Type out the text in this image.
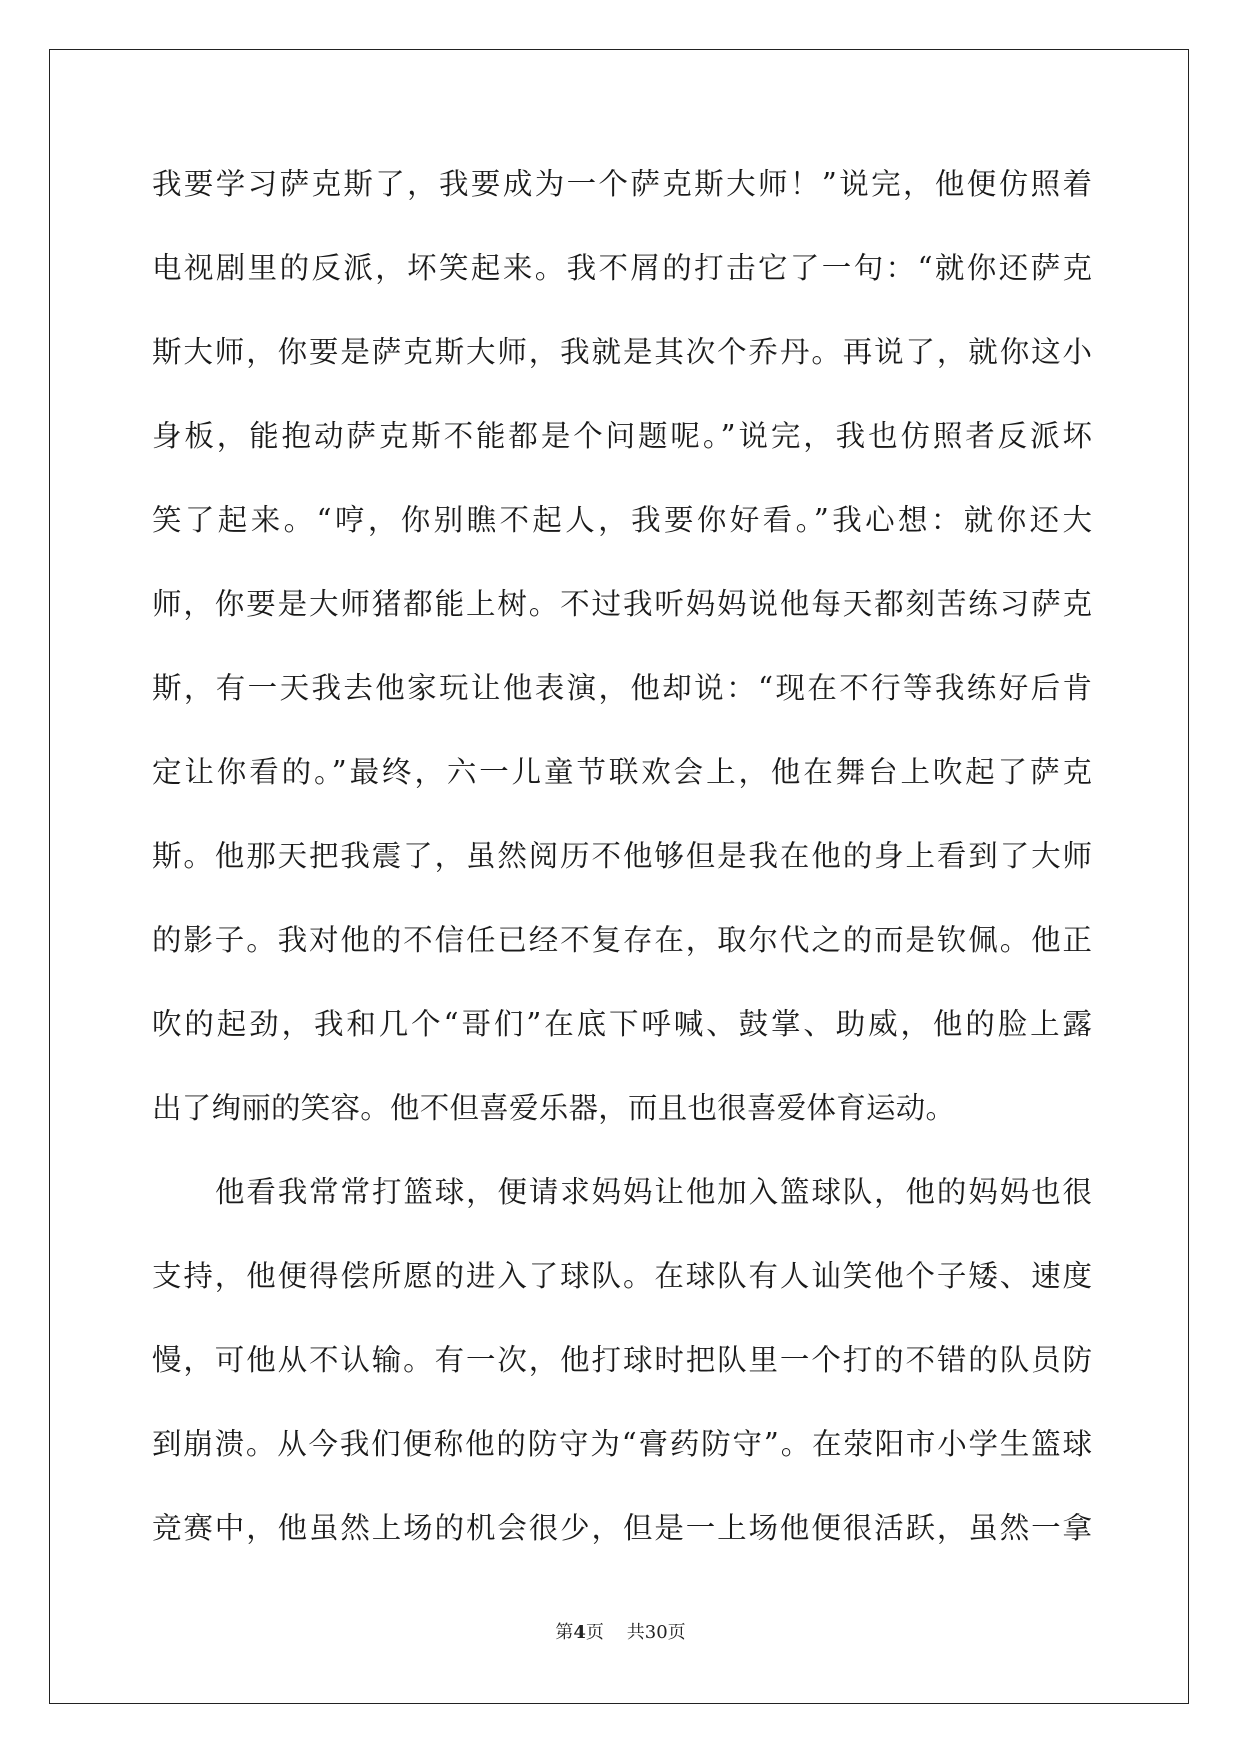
我要学习萨克斯了，我要成为一个萨克斯大师！”说完，他便仿照着
电视剧里的反派，坏笑起来。我不屑的打击它了一句：“就你还萨克
斯大师，你要是萨克斯大师，我就是其次个乔丹。再说了，就你这小
身板，能抱动萨克斯不能都是个问题呢。”说完，我也仿照者反派坏
笑了起来。“哼，你别瞧不起人，我要你好看。”我心想：就你还大
师，你要是大师猪都能上树。不过我听妈妈说他每天都刻苦练习萨克
斯，有一天我去他家玩让他表演，他却说：“现在不行等我练好后肯
定让你看的。”最终，六一儿童节联欢会上，他在舞台上吹起了萨克
斯。他那天把我震了，虽然阅历不他够但是我在他的身上看到了大师
的影子。我对他的不信任已经不复存在，取尔代之的而是钦佩。他正
吹的起劲，我和几个“哥们”在底下呼喊、鼓掌、助威，他的脸上露
出了绚丽的笑容。他不但喜爱乐器，而且也很喜爱体育运动。
他看我常常打篮球，便请求妈妈让他加入篮球队，他的妈妈也很
支持，他便得偿所愿的进入了球队。在球队有人讪笑他个子矮、速度
慢，可他从不认输。有一次，他打球时把队里一个打的不错的队员防
到崩溃。从今我们便称他的防守为“膏药防守”。在荥阳市小学生篮球
竞赛中，他虽然上场的机会很少，但是一上场他便很活跃，虽然一拿
第4页 共30页
